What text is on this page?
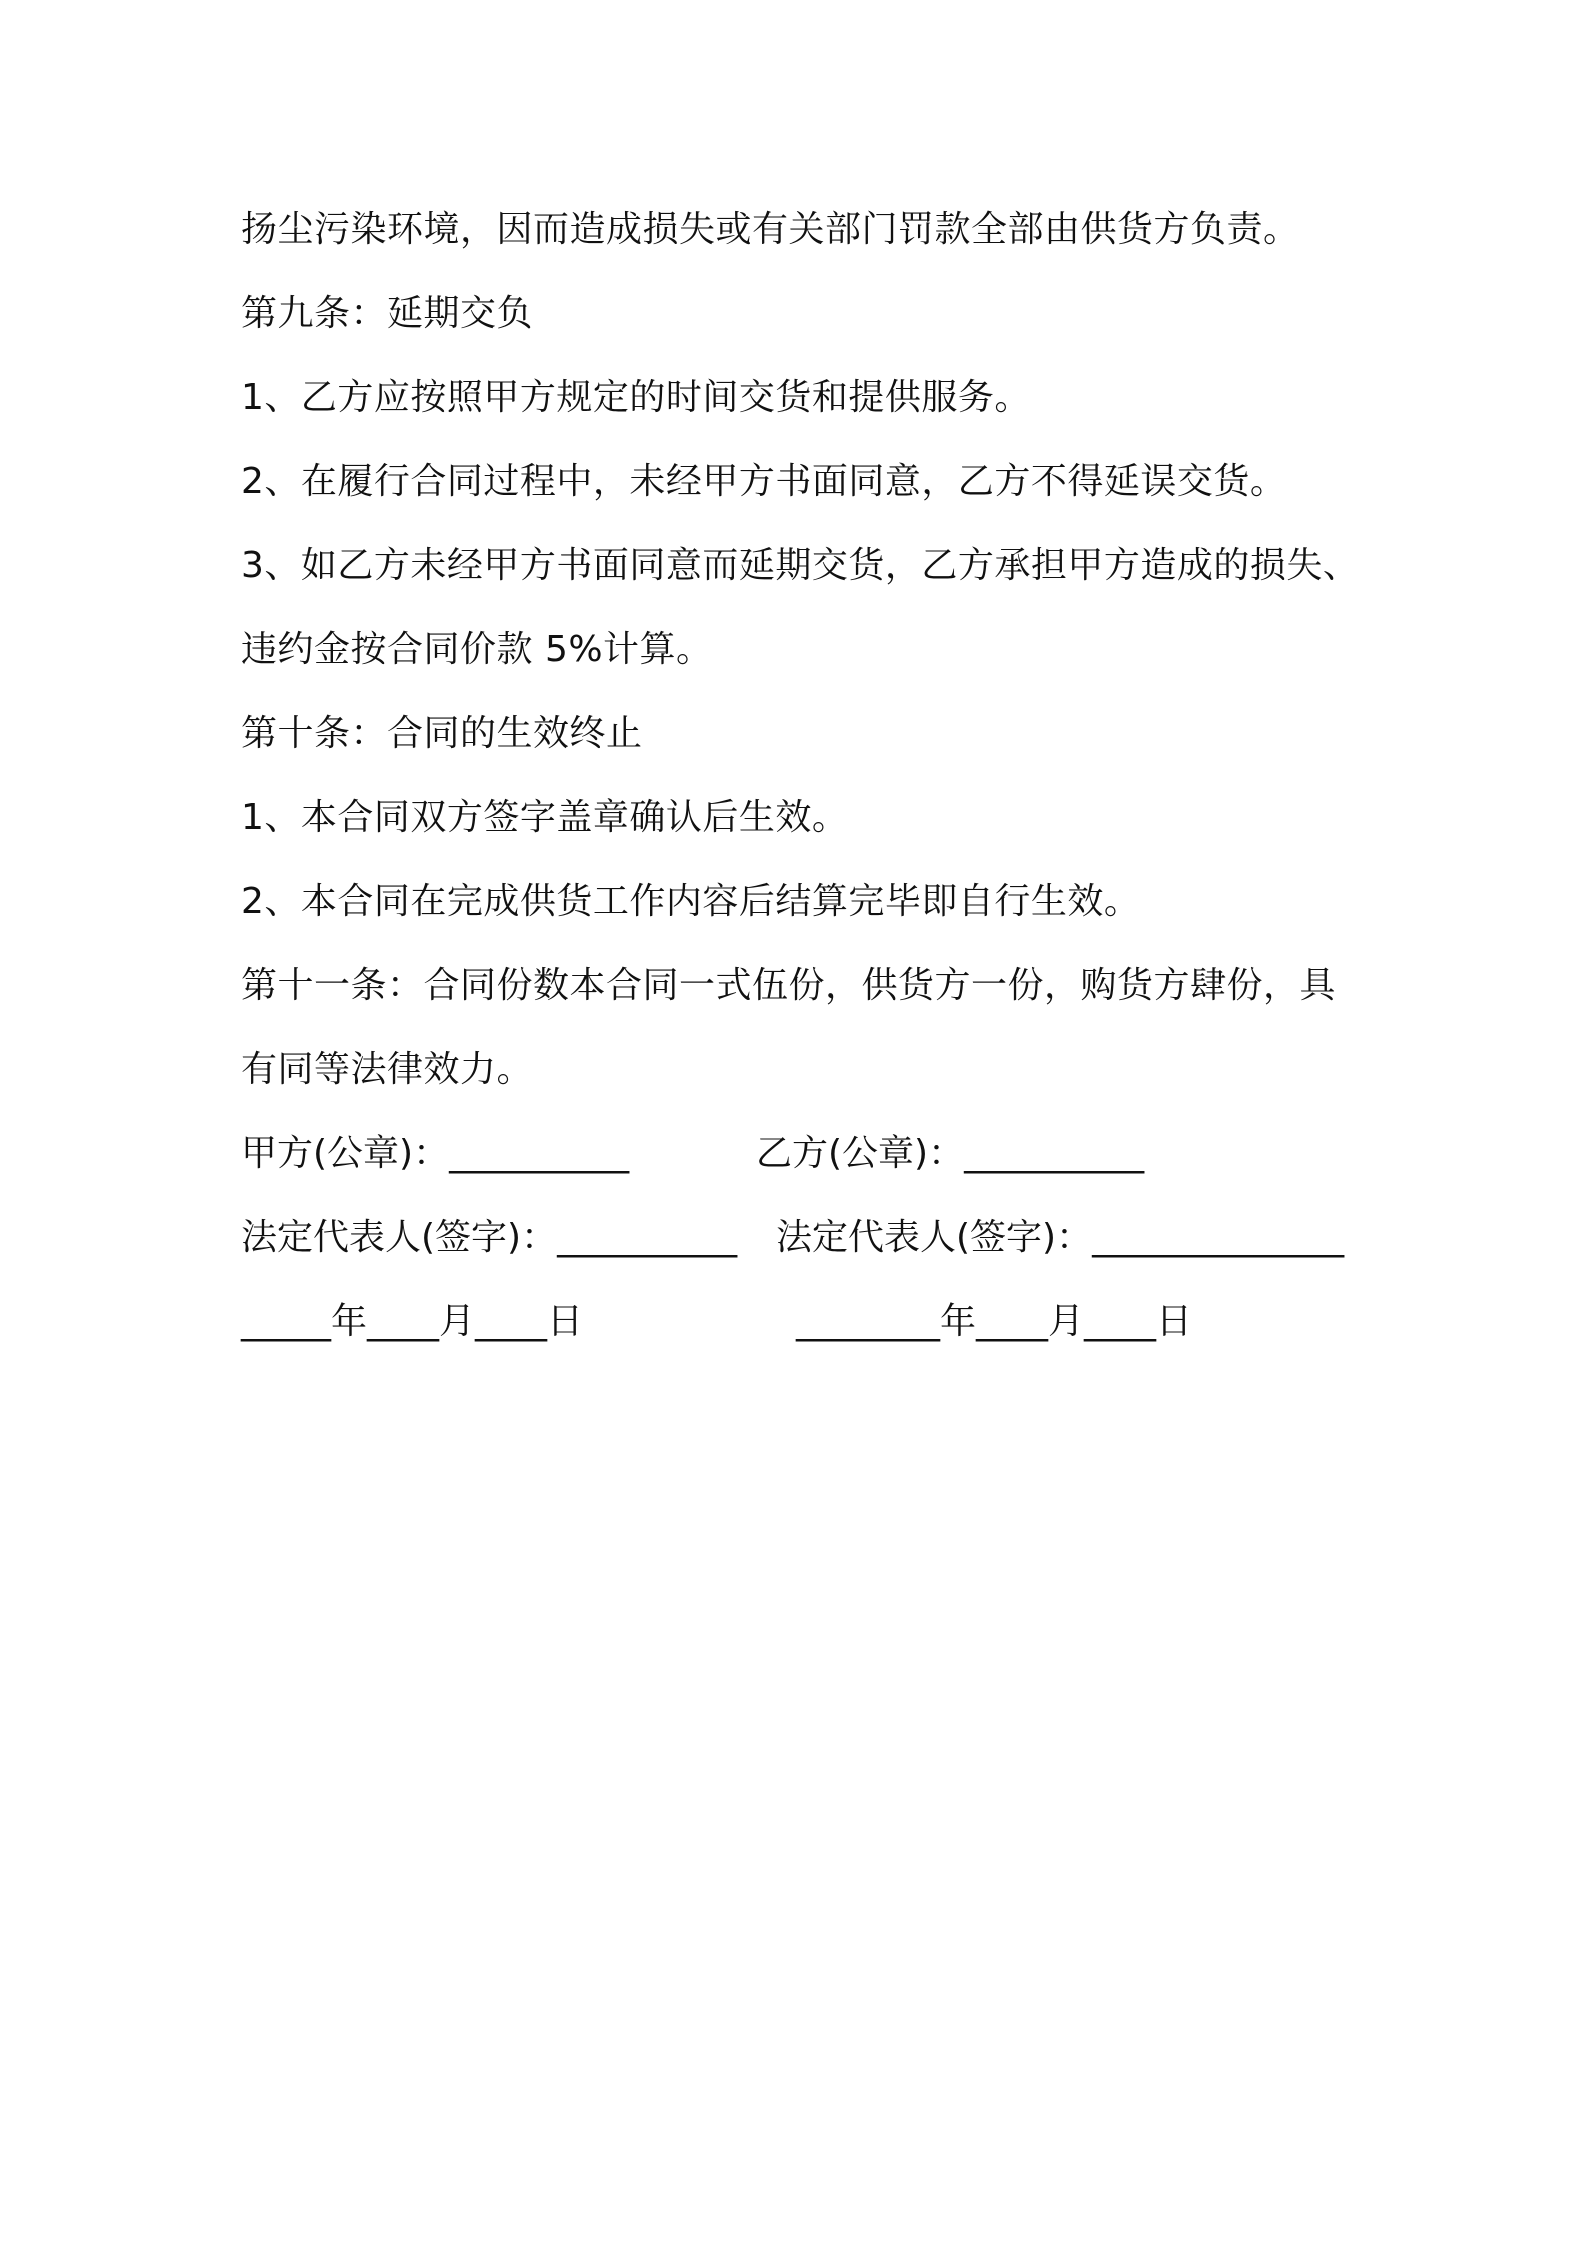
扬尘污染环境，因而造成损失或有关部门罚款全部由供货方负责。
第九条：延期交负
1、乙方应按照甲方规定的时间交货和提供服务。
2、在履行合同过程中，未经甲方书面同意，乙方不得延误交货。
3、如乙方未经甲方书面同意而延期交货，乙方承担甲方造成的损失、
违约金按合同价款 5%计算。
第十条：合同的生效终止
1、本合同双方签字盖章确认后生效。
2、本合同在完成供货工作内容后结算完毕即自行生效。
第十一条：合同份数本合同一式伍份，供货方一份，购货方肆份，具
有同等法律效力。
甲方(公章)：__________	乙方(公章)：__________
法定代表人(签字)：__________ 法定代表人(签字)：______________
_____年____月____日	________年____月____日
